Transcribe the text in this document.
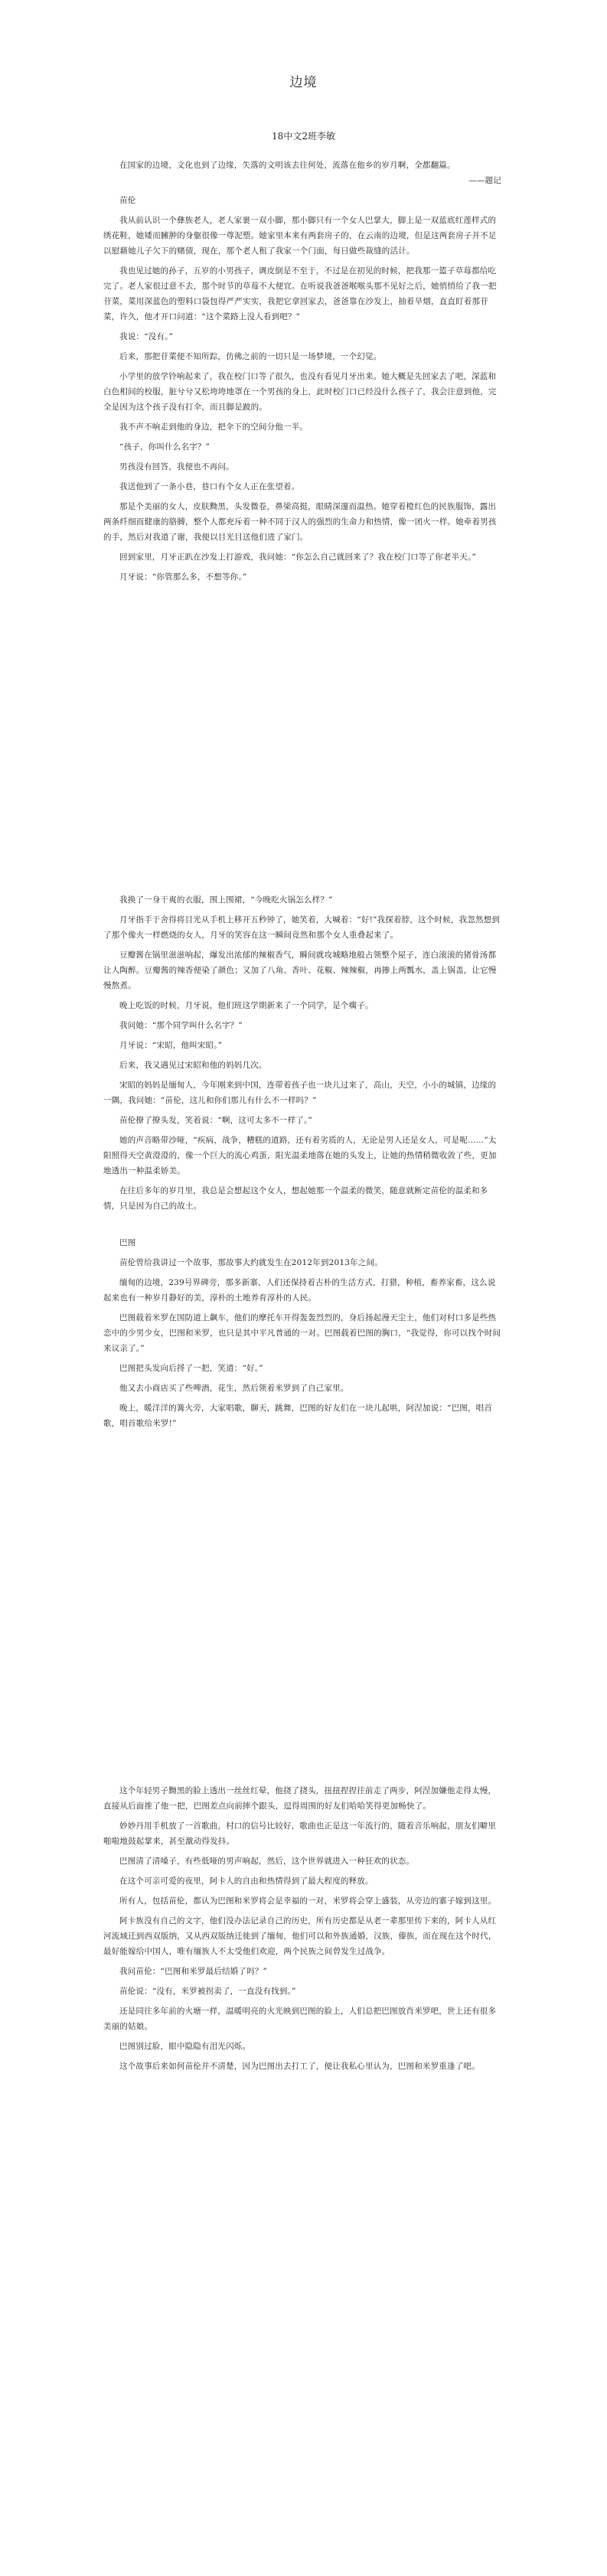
边境
18中文2班李敏

在国家的边境，文化也到了边缘，失落的文明该去往何处，流落在他乡的岁月啊，全都翻篇。

——题记

苗伦

我从前认识一个彝族老人，老人家裹一双小脚，那小脚只有一个女人巴掌大，脚上是一双蓝底红莲样式的绣花鞋，她矮而臃肿的身躯很像一尊泥塑。她家里本来有两套房子的，在云南的边境，但是这两套房子并不足以慰藉她儿子欠下的赌债，现在，那个老人租了我家一个门面，每日做些裁缝的活计。

我也见过她的孙子，五岁的小男孩子，调皮倒是不至于，不过是在初见的时候，把我那一篮子草莓都给吃完了。老人家很过意不去，那个时节的草莓不大便宜。在听说我爸爸喉喉头那不见好之后，她悄悄给了我一把苷菜，菜用深蓝色的塑料口袋包得严严实实，我把它拿回家去，爸爸靠在沙发上，抽着旱烟，直直盯着那苷菜，许久，他才开口问道：“这个菜路上没人看到吧？”

我说：“没有。”

后来，那把苷菜便不知所踪，仿佛之前的一切只是一场梦境，一个幻觉。

小学里的放学铃响起来了，我在校门口等了很久，也没有看见月牙出来。她大概是先回家去了吧，深蓝和白色相间的校服，脏兮兮又松垮垮地罩在一个男孩的身上，此时校门口已经没什么孩子了，我会注意到他，完全是因为这个孩子没有打伞，而且脚是跛的。

我不声不响走到他的身边，把伞下的空间分他一半。

“孩子，你叫什么名字？”

男孩没有回答，我便也不再问。

我送他到了一条小巷，巷口有个女人正在张望着。

那是个美丽的女人，皮肤黝黑，头发微卷，鼻梁高挺，眼睛深邃而温热。她穿着橙红色的民族服饰，露出两条纤细而健康的胳膊，整个人都充斥着一种不同于汉人的强烈的生命力和热情，像一团火一样。她牵着男孩的手，然后对我道了谢，我便以目光目送他们进了家门。

回到家里，月牙正趴在沙发上打游戏，我问她：“你怎么自己就回来了？我在校门口等了你老半天。”

月牙说：“你管那么多，不想等你。”

我换了一身干爽的衣服，围上围裙，“今晚吃火锅怎么样？”

月牙指手于舍得将目光从手机上移开五秒钟了，她笑着，大喊着：“好!”我探着脖，这个时候，我忽然想到了那个像火一样燃烧的女人，月牙的笑容在这一瞬间竟然和那个女人重叠起来了。

豆瓣酱在锅里滋滋响起，爆发出浓郁的辣椒香气，瞬间就攻城略地般占领整个屋子，连白滚滚的猪骨汤都让人陶醉。豆瓣酱的辣香便染了颜色；又加了八角、香叶、花椒、辣辣椒，再掺上两瓢水，盖上锅盖，让它慢慢熬煮。

晚上吃饭的时候，月牙说，他们班这学期新来了一个同学，是个瘸子。

我问她：“那个同学叫什么名字？”

月牙说：“宋昭，他叫宋昭。”

后来，我又遇见过宋昭和他的妈妈几次。

宋昭的妈妈是缅甸人，今年刚来到中国，连带着孩子也一块儿过来了，高山，天空，小小的城镇，边缘的一隅，我问她：“苗伦，这儿和你们那儿有什么不一样吗？”

苗伦撩了撩头发，笑着说：“啊，这可太多不一样了。”

她的声音略带沙哑，“疾病，战争，糟糕的道路，还有着劣质的人，无论是男人还是女人，可是呢……”太阳照得天空黄澄澄的，像一个巨大的流心鸡蛋，阳光温柔地落在她的头发上，让她的热情稍微收敛了些，更加地透出一种温柔娇美。

在往后多年的岁月里，我总是会想起这个女人，想起她那一个温柔的微笑，随意就断定苗伦的温柔和多情，只是因为自己的故土。

巴图

苗伦曾给我讲过一个故事，那故事大约就发生在2012年到2013年之间。

缅甸的边境，239号界碑旁，那多新寨，人们还保持着古朴的生活方式，打猎，种植，畜养家畜，这么说起来也有一种岁月静好的美，淳朴的土地养育淳朴的人民。

巴图载着米罗在国防道上飙车，他们的摩托车开得轰轰烈烈的，身后扬起漫天尘土，他们对村口多是些热恋中的少男少女，巴图和米罗，也只是其中平凡普通的一对。巴图载着巴图的胸口，“我觉得，你可以找个时间来议亲了。”

巴图把头发向后捋了一把，笑道：“好。”

他又去小商店买了些啤酒，花生，然后领着米罗到了自己家里。

晚上，暖洋洋的篝火旁，大家唱歌，聊天，跳舞，巴图的好友们在一块儿起哄，阿涅加说：“巴图，唱首歌，唱首歌给米罗!”

这个年轻男子黝黑的脸上透出一丝丝红晕，他挠了挠头，扭扭捏捏往前走了两步，阿涅加嫌他走得太慢，直接从后面推了他一把，巴图差点向前摔个跟头，逗得周围的好友们哈哈笑得更加畅快了。

妙妙丹用手机放了一首歌曲，村口的信号比较好，歌曲也正是这一年流行的，随着音乐响起，朋友们噼里啪啦地鼓起掌来，甚至激动得发抖。

巴图清了清嗓子，有些低哑的男声响起，然后，这个世界就进入一种狂欢的状态。

在这个可亲可爱的夜里，阿卡人的自由和热情得到了最大程度的释放。

所有人，包括苗伦，都认为巴图和米罗将会是幸福的一对，米罗将会穿上盛装，从旁边的寨子嫁到这里。

阿卡族没有自己的文字，他们没办法记录自己的历史，所有历史都是从老一辈那里传下来的，阿卡人从红河流域迁到西双版纳，又从西双版纳迁徙到了缅甸，他们可以和外族通婚，汉族，傣族，而在现在这个时代，最好能嫁给中国人，唯有缅族人不太受他们欢迎，两个民族之间曾发生过战争。

我问苗伦：“巴图和米罗最后结婚了吗？”

苗伦说：“没有，米罗被拐卖了，一直没有找到。”

还是同往多年前的火塘一样，温暖明亮的火光映到巴图的脸上，人们总把巴图放肖米罗吧，世上还有很多美丽的姑娘。

巴图别过脸，眼中隐隐有泪光闪烁。

这个故事后来如何苗伦并不清楚，因为巴图出去打工了，便让我私心里认为，巴图和米罗重逢了吧。
